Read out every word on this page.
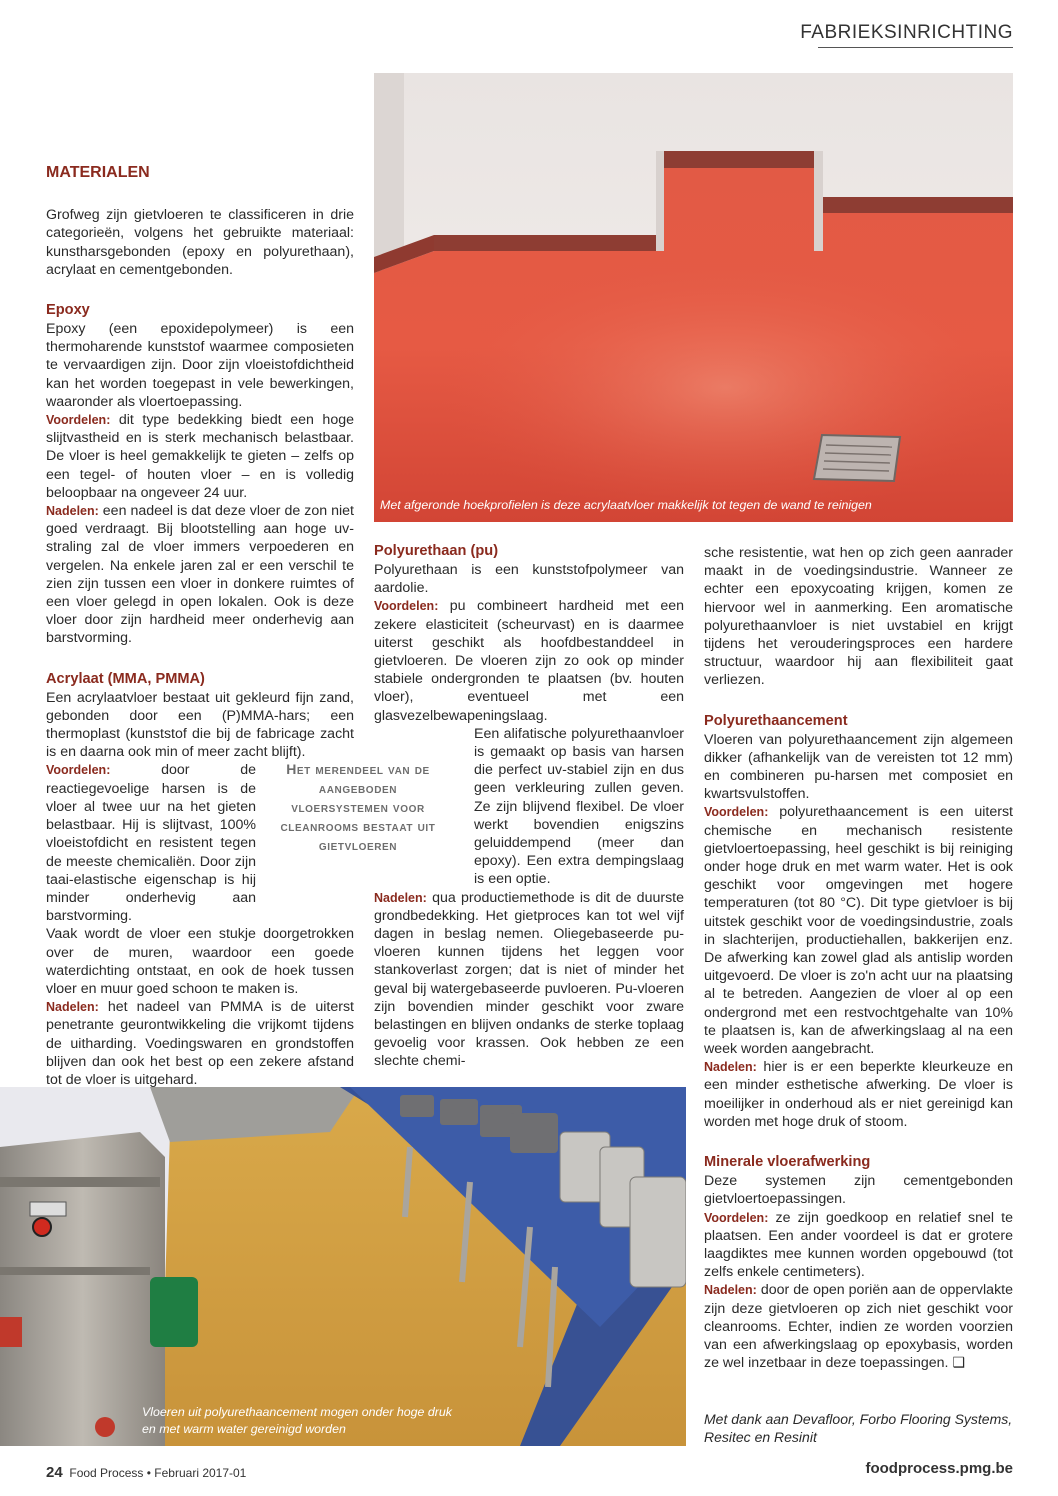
FABRIEKSINRICHTING
Met afgeronde hoekprofielen is deze acrylaatvloer makkelijk tot tegen de wand te reinigen
Vloeren uit polyurethaancement mogen onder hoge druk
en met warm water gereinigd worden
MATERIALEN

Grofweg zijn gietvloeren te classificeren in drie categorieën, volgens het gebruikte materiaal: kunstharsgebonden (epoxy en polyurethaan), acrylaat en cementgebonden.

Epoxy

Epoxy (een epoxidepolymeer) is een thermoharende kunststof waarmee composieten te vervaardigen zijn. Door zijn vloeistofdichtheid kan het worden toegepast in vele bewerkingen, waaronder als vloertoepassing.

Voordelen: dit type bedekking biedt een hoge slijtvastheid en is sterk mechanisch belastbaar. De vloer is heel gemakkelijk te gieten – zelfs op een tegel- of houten vloer – en is volledig beloopbaar na ongeveer 24 uur.

Nadelen: een nadeel is dat deze vloer de zon niet goed verdraagt. Bij blootstelling aan hoge uv-straling zal de vloer immers verpoederen en vergelen. Na enkele jaren zal er een verschil te zien zijn tussen een vloer in donkere ruimtes of een vloer gelegd in open lokalen. Ook is deze vloer door zijn hardheid meer onderhevig aan barstvorming.

Acrylaat (MMA, PMMA)

Een acrylaatvloer bestaat uit gekleurd fijn zand, gebonden door een (P)MMA-hars; een thermoplast (kunststof die bij de fabricage zacht is en daarna ook min of meer zacht blijft).

Voordelen: door de reactiegevoelige harsen is de vloer al twee uur na het gieten belastbaar. Hij is slijtvast, 100% vloeistofdicht en resistent tegen de meeste chemicaliën. Door zijn taai-elastische eigenschap is hij minder onderhevig aan barstvorming.

Vaak wordt de vloer een stukje doorgetrokken over de muren, waardoor een goede waterdichting ontstaat, en ook de hoek tussen vloer en muur goed schoon te maken is.

Nadelen: het nadeel van PMMA is de uiterst penetrante geurontwikkeling die vrijkomt tijdens de uitharding. Voedingswaren en grondstoffen blijven dan ook het best op een zekere afstand tot de vloer is uitgehard.

Het merendeel van de aangeboden vloersystemen voor cleanrooms bestaat uit gietvloeren
Polyurethaan (pu)

Polyurethaan is een kunststofpolymeer van aardolie.

Voordelen: pu combineert hardheid met een zekere elasticiteit (scheurvast) en is daarmee uiterst geschikt als hoofdbestanddeel in gietvloeren. De vloeren zijn zo ook op minder stabiele ondergronden te plaatsen (bv. houten vloer), eventueel met een glasvezelbewapeningslaag.

Een alifatische polyurethaanvloer is gemaakt op basis van harsen die perfect uv-stabiel zijn en dus geen verkleuring zullen geven. Ze zijn blijvend flexibel. De vloer werkt bovendien enigszins geluiddempend (meer dan epoxy). Een extra dempingslaag is een optie.

Nadelen: qua productiemethode is dit de duurste grondbedekking. Het gietproces kan tot wel vijf dagen in beslag nemen. Oliegebaseerde pu-vloeren kunnen tijdens het leggen voor stankoverlast zorgen; dat is niet of minder het geval bij watergebaseerde puvloeren. Pu-vloeren zijn bovendien minder geschikt voor zware belastingen en blijven ondanks de sterke toplaag gevoelig voor krassen. Ook hebben ze een slechte chemi-

sche resistentie, wat hen op zich geen aanrader maakt in de voedingsindustrie. Wanneer ze echter een epoxycoating krijgen, komen ze hiervoor wel in aanmerking. Een aromatische polyurethaanvloer is niet uvstabiel en krijgt tijdens het verouderingsproces een hardere structuur, waardoor hij aan flexibiliteit gaat verliezen.

Polyurethaancement

Vloeren van polyurethaancement zijn algemeen dikker (afhankelijk van de vereisten tot 12 mm) en combineren pu-harsen met composiet en kwartsvulstoffen.

Voordelen: polyurethaancement is een uiterst chemische en mechanisch resistente gietvloertoepassing, heel geschikt is bij reiniging onder hoge druk en met warm water. Het is ook geschikt voor omgevingen met hogere temperaturen (tot 80 °C). Dit type gietvloer is bij uitstek geschikt voor de voedingsindustrie, zoals in slachterijen, productiehallen, bakkerijen enz. De afwerking kan zowel glad als antislip worden uitgevoerd. De vloer is zo'n acht uur na plaatsing al te betreden. Aangezien de vloer al op een ondergrond met een restvochtgehalte van 10% te plaatsen is, kan de afwerkingslaag al na een week worden aangebracht.

Nadelen: hier is er een beperkte kleurkeuze en een minder esthetische afwerking. De vloer is moeilijker in onderhoud als er niet gereinigd kan worden met hoge druk of stoom.

Minerale vloerafwerking

Deze systemen zijn cementgebonden gietvloertoepassingen.

Voordelen: ze zijn goedkoop en relatief snel te plaatsen. Een ander voordeel is dat er grotere laagdiktes mee kunnen worden opgebouwd (tot zelfs enkele centimeters).

Nadelen: door de open poriën aan de oppervlakte zijn deze gietvloeren op zich niet geschikt voor cleanrooms. Echter, indien ze worden voorzien van een afwerkingslaag op epoxybasis, worden ze wel inzetbaar in deze toepassingen. ❑

Met dank aan Devafloor, Forbo Flooring Systems, Resitec en Resinit
24 Food Process • Februari 2017-01	foodprocess.pmg.be
